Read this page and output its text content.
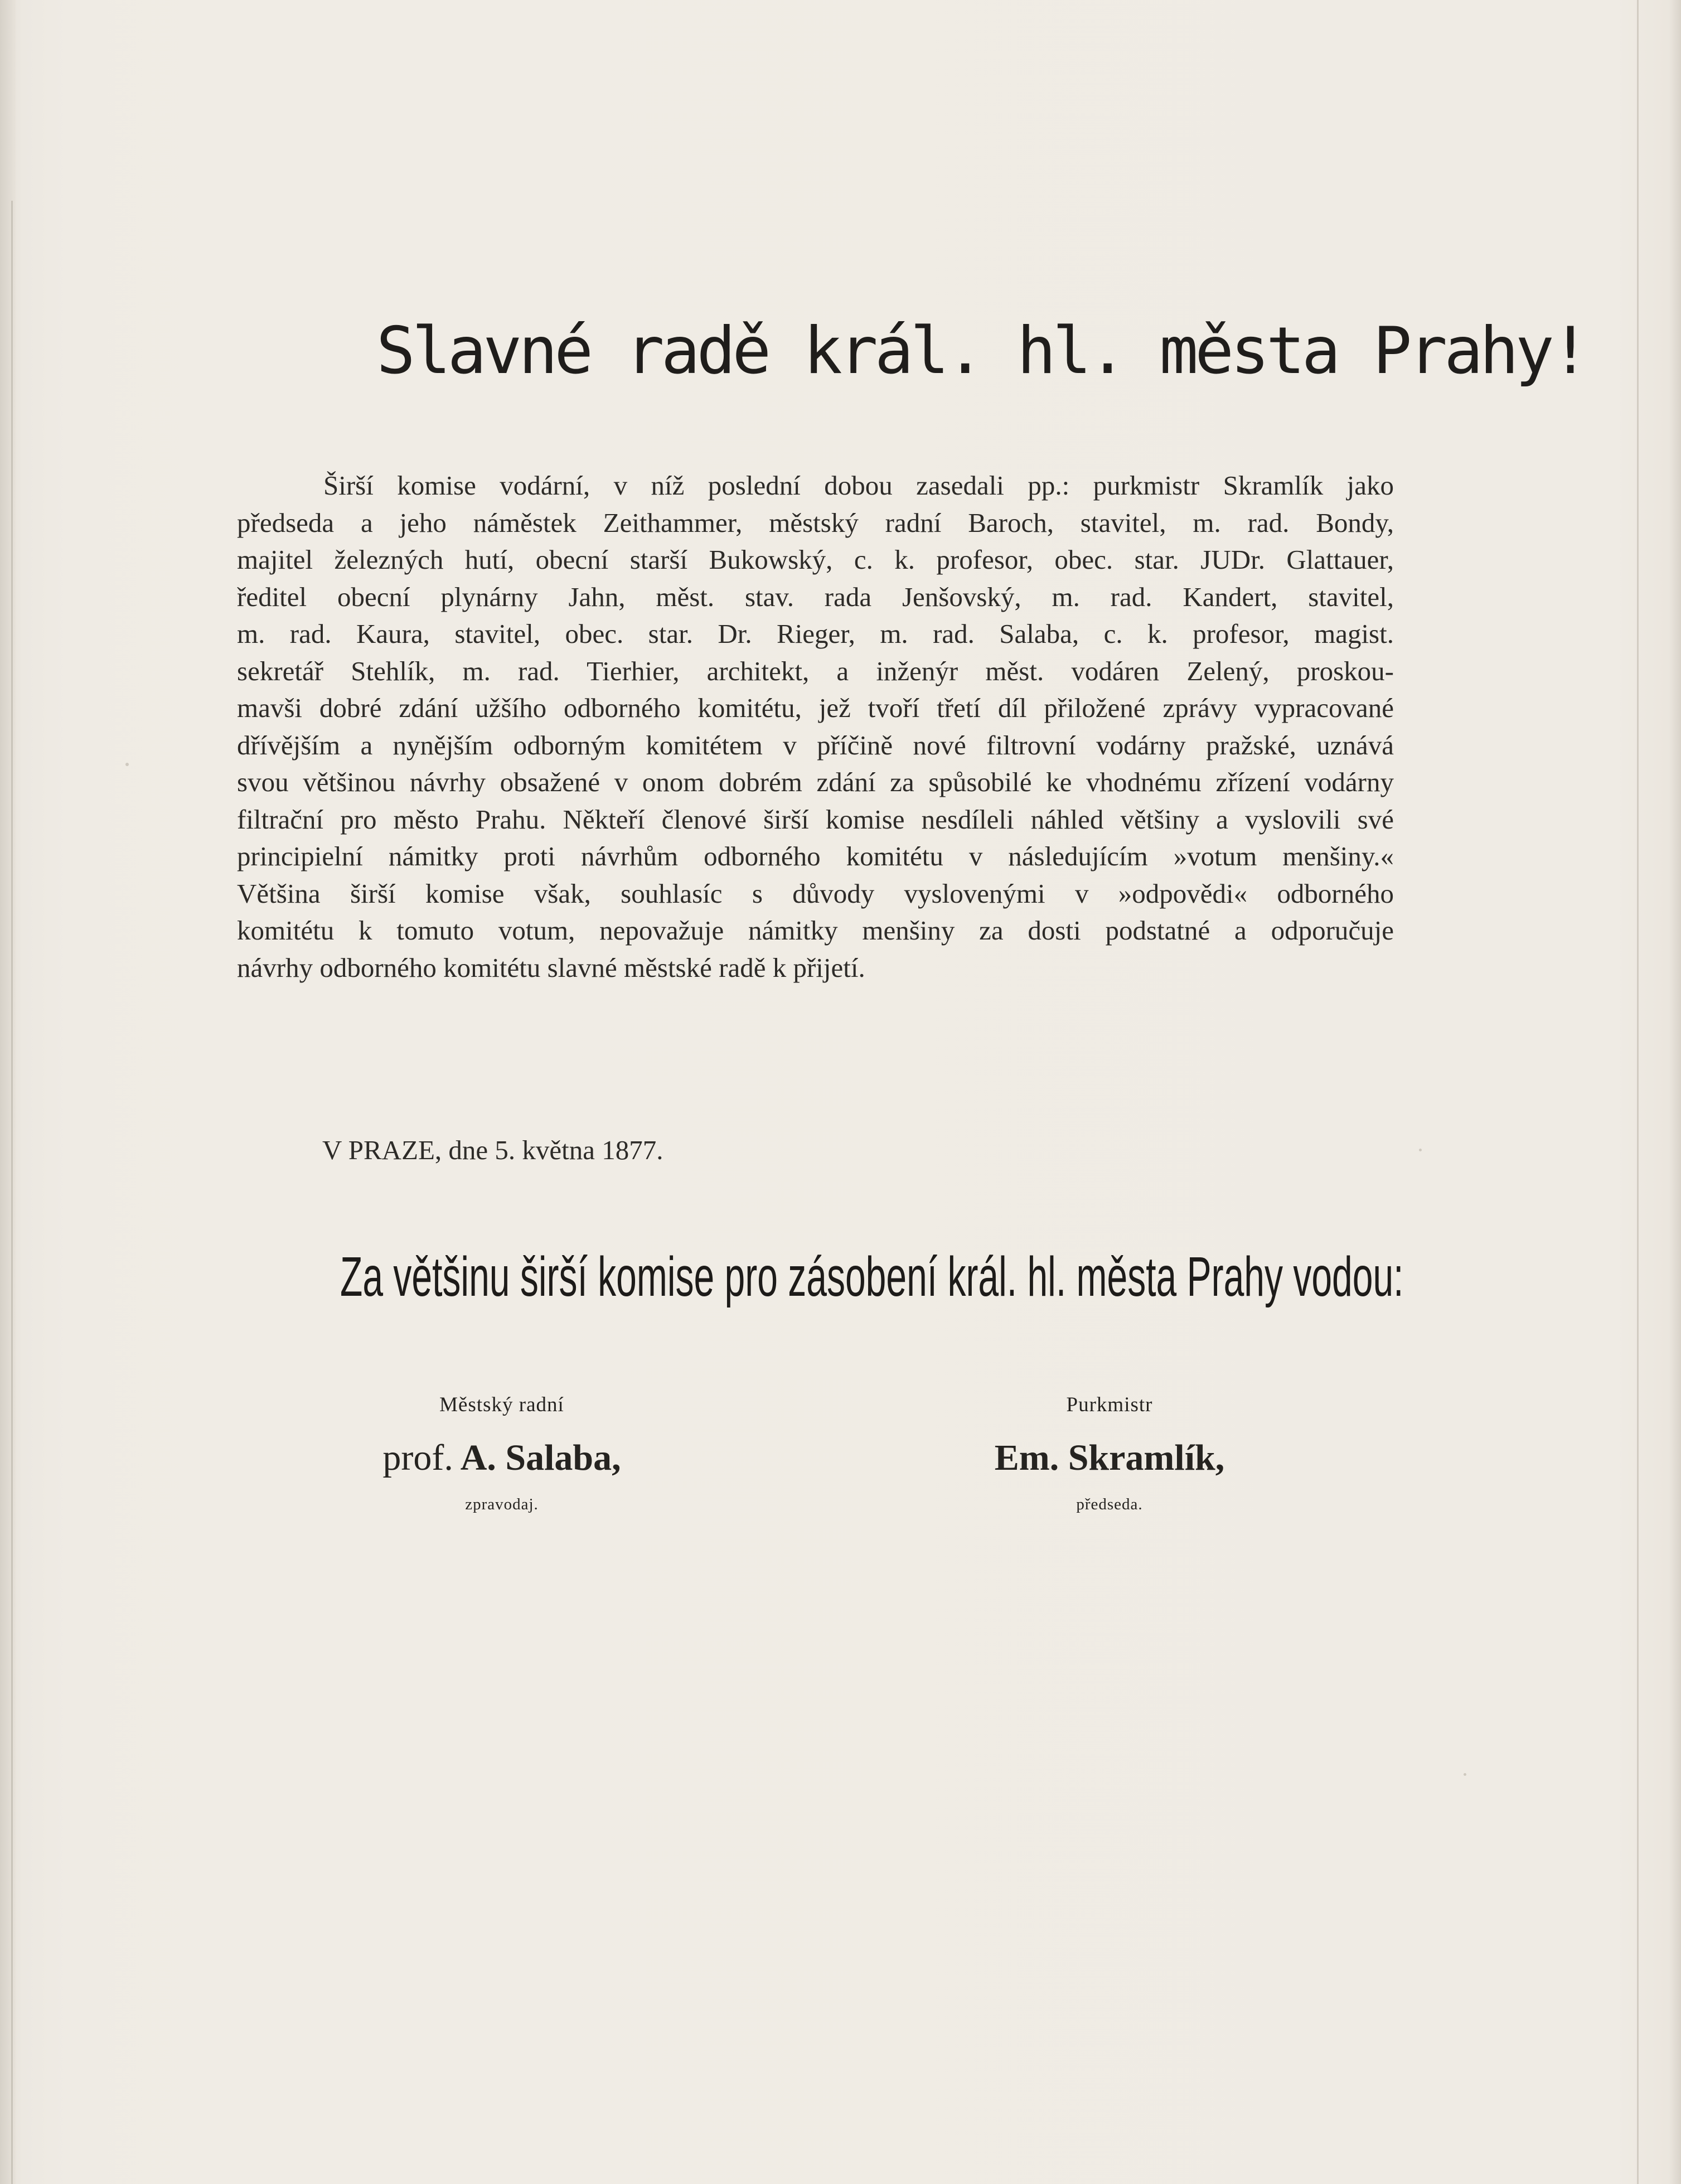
Slavné radě král. hl. města Prahy!
Širší komise vodární, v níž poslední dobou zasedali pp.: purkmistr Skramlík jako
předseda a jeho náměstek Zeithammer, městský radní Baroch, stavitel, m. rad. Bondy,
majitel železných hutí, obecní starší Bukowský, c. k. profesor, obec. star. JUDr. Glattauer,
ředitel obecní plynárny Jahn, měst. stav. rada Jenšovský, m. rad. Kandert, stavitel,
m. rad. Kaura, stavitel, obec. star. Dr. Rieger, m. rad. Salaba, c. k. profesor, magist.
sekretář Stehlík, m. rad. Tierhier, architekt, a inženýr měst. vodáren Zelený, proskou-
mavši dobré zdání užšího odborného komitétu, jež tvoří třetí díl přiložené zprávy vypracované
dřívějším a nynějším odborným komitétem v příčině nové filtrovní vodárny pražské, uznává
svou většinou návrhy obsažené v onom dobrém zdání za spůsobilé ke vhodnému zřízení vodárny
filtrační pro město Prahu. Někteří členové širší komise nesdíleli náhled většiny a vyslovili své
principielní námitky proti návrhům odborného komitétu v následujícím »votum menšiny.«
Většina širší komise však, souhlasíc s důvody vyslovenými v »odpovědi« odborného
komitétu k tomuto votum, nepovažuje námitky menšiny za dosti podstatné a odporučuje
návrhy odborného komitétu slavné městské radě k přijetí.
V PRAZE, dne 5. května 1877.
Za většinu širší komise pro zásobení král. hl. města Prahy vodou:
Městský radní
prof. A. Salaba,
zpravodaj.
Purkmistr
Em. Skramlík,
předseda.
